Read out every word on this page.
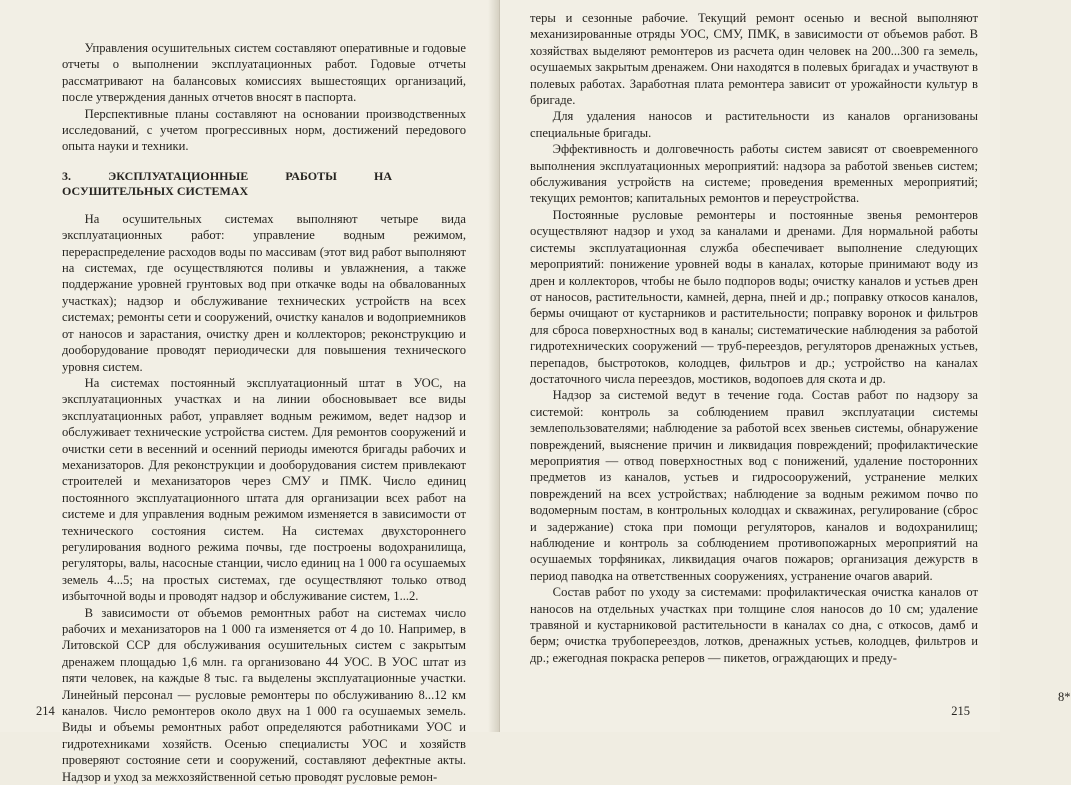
Управления осушительных систем составляют оперативные и годовые отчеты о выполнении эксплуатационных работ. Годовые отчеты рассматривают на балансовых комиссиях вышестоящих организаций, после утверждения данных отчетов вносят в паспорта.

Перспективные планы составляют на основании производственных исследований, с учетом прогрессивных норм, достижений передового опыта науки и техники.

3. ЭКСПЛУАТАЦИОННЫЕ РАБОТЫ НА ОСУШИТЕЛЬНЫХ СИСТЕМАХ

На осушительных системах выполняют четыре вида эксплуатационных работ: управление водным режимом, перераспределение расходов воды по массивам (этот вид работ выполняют на системах, где осуществляются поливы и увлажнения, а также поддержание уровней грунтовых вод при откачке воды на обвалованных участках); надзор и обслуживание технических устройств на всех системах; ремонты сети и сооружений, очистку каналов и водоприемников от наносов и зарастания, очистку дрен и коллекторов; реконструкцию и дооборудование проводят периодически для повышения технического уровня систем.

На системах постоянный эксплуатационный штат в УОС, на эксплуатационных участках и на линии обосновывает все виды эксплуатационных работ, управляет водным режимом, ведет надзор и обслуживает технические устройства систем. Для ремонтов сооружений и очистки сети в весенний и осенний периоды имеются бригады рабочих и механизаторов. Для реконструкции и дооборудования систем привлекают строителей и механизаторов через СМУ и ПМК. Число единиц постоянного эксплуатационного штата для организации всех работ на системе и для управления водным режимом изменяется в зависимости от технического состояния систем. На системах двухстороннего регулирования водного режима почвы, где построены водохранилища, регуляторы, валы, насосные станции, число единиц на 1 000 га осушаемых земель 4...5; на простых системах, где осуществляют только отвод избыточной воды и проводят надзор и обслуживание систем, 1...2.

В зависимости от объемов ремонтных работ на системах число рабочих и механизаторов на 1 000 га изменяется от 4 до 10. Например, в Литовской ССР для обслуживания осушительных систем с закрытым дренажем площадью 1,6 млн. га организовано 44 УОС. В УОС штат из пяти человек, на каждые 8 тыс. га выделены эксплуатационные участки. Линейный персонал — русловые ремонтеры по обслуживанию 8...12 км каналов. Число ремонтеров около двух на 1 000 га осушаемых земель. Виды и объемы ремонтных работ определяются работниками УОС и гидротехниками хозяйств. Осенью специалисты УОС и хозяйств проверяют состояние сети и сооружений, составляют дефектные акты. Надзор и уход за межхозяйственной сетью проводят русловые ремон-

214

теры и сезонные рабочие. Текущий ремонт осенью и весной выполняют механизированные отряды УОС, СМУ, ПМК, в зависимости от объемов работ. В хозяйствах выделяют ремонтеров из расчета один человек на 200...300 га земель, осушаемых закрытым дренажем. Они находятся в полевых бригадах и участвуют в полевых работах. Заработная плата ремонтера зависит от урожайности культур в бригаде.

Для удаления наносов и растительности из каналов организованы специальные бригады.

Эффективность и долговечность работы систем зависят от своевременного выполнения эксплуатационных мероприятий: надзора за работой звеньев систем; обслуживания устройств на системе; проведения временных мероприятий; текущих ремонтов; капитальных ремонтов и переустройства.

Постоянные русловые ремонтеры и постоянные звенья ремонтеров осуществляют надзор и уход за каналами и дренами. Для нормальной работы системы эксплуатационная служба обеспечивает выполнение следующих мероприятий: понижение уровней воды в каналах, которые принимают воду из дрен и коллекторов, чтобы не было подпоров воды; очистку каналов и устьев дрен от наносов, растительности, камней, дерна, пней и др.; поправку откосов каналов, бермы очищают от кустарников и растительности; поправку воронок и фильтров для сброса поверхностных вод в каналы; систематические наблюдения за работой гидротехнических сооружений — труб-переездов, регуляторов дренажных устьев, перепадов, быстротоков, колодцев, фильтров и др.; устройство на каналах достаточного числа переездов, мостиков, водопоев для скота и др.

Надзор за системой ведут в течение года. Состав работ по надзору за системой: контроль за соблюдением правил эксплуатации системы землепользователями; наблюдение за работой всех звеньев системы, обнаружение повреждений, выяснение причин и ликвидация повреждений; профилактические мероприятия — отвод поверхностных вод с понижений, удаление посторонних предметов из каналов, устьев и гидросооружений, устранение мелких повреждений на всех устройствах; наблюдение за водным режимом почво по водомерным постам, в контрольных колодцах и скважинах, регулирование (сброс и задержание) стока при помощи регуляторов, каналов и водохранилищ; наблюдение и контроль за соблюдением противопожарных мероприятий на осушаемых торфяниках, ликвидация очагов пожаров; организация дежурств в период паводка на ответственных сооружениях, устранение очагов аварий.

Состав работ по уходу за системами: профилактическая очистка каналов от наносов на отдельных участках при толщине слоя наносов до 10 см; удаление травяной и кустарниковой растительности в каналах со дна, с откосов, дамб и берм; очистка трубопереездов, лотков, дренажных устьев, колодцев, фильтров и др.; ежегодная покраска реперов — пикетов, ограждающих и преду-

8*
215
